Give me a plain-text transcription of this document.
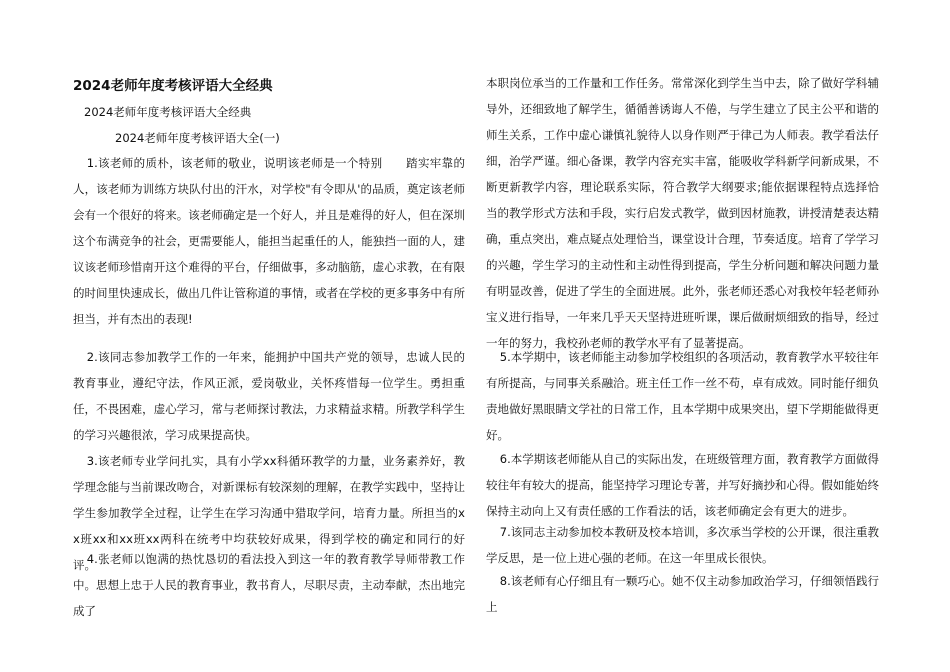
2024老师年度考核评语大全经典
2024老师年度考核评语大全经典
2024老师年度考核评语大全(一)

1.该老师的质朴，该老师的敬业，说明该老师是一个特别　　踏实牢靠的人，该老师为训练方块队付出的汗水，对学校"有令即从'的品质，奠定该老师会有一个很好的将来。该老师确定是一个好人，并且是难得的好人，但在深圳这个布满竞争的社会，更需要能人，能担当起重任的人，能独挡一面的人，建议该老师珍惜南开这个难得的平台，仔细做事，多动脑筋，虚心求教，在有限的时间里快速成长，做出几件让管称道的事情，或者在学校的更多事务中有所担当，并有杰出的表现!

2.该同志参加教学工作的一年来，能拥护中国共产党的领导，忠诚人民的教育事业，遵纪守法，作风正派，爱岗敬业，关怀疼惜每一位学生。勇担重任，不畏困难，虚心学习，常与老师探讨教法，力求精益求精。所教学科学生的学习兴趣很浓，学习成果提高快。

3.该老师专业学问扎实，具有小学xx科循环教学的力量，业务素养好，教学理念能与当前课改吻合，对新课标有较深刻的理解，在教学实践中，坚持让学生参加教学全过程，让学生在学习沟通中猎取学问，培育力量。所担当的xx班xx和xx班xx两科在统考中均获较好成果，得到学校的确定和同行的好评。

4.张老师以饱满的热忱恳切的看法投入到这一年的教育教学导师带教工作中。思想上忠于人民的教育事业，教书育人，尽职尽责，主动奉献，杰出地完成了

本职岗位承当的工作量和工作任务。常常深化到学生当中去，除了做好学科辅导外，还细致地了解学生，循循善诱诲人不倦，与学生建立了民主公平和谐的师生关系，工作中虚心谦慎礼貌待人以身作则严于律己为人师表。教学看法仔细，治学严谨。细心备课，教学内容充实丰富，能吸收学科新学问新成果，不断更新教学内容，理论联系实际，符合教学大纲要求;能依据课程特点选择恰当的教学形式方法和手段，实行启发式教学，做到因材施教，讲授清楚表达精确，重点突出，难点疑点处理恰当，课堂设计合理，节奏适度。培育了学学习的兴趣，学生学习的主动性和主动性得到提高，学生分析问题和解决问题力量有明显改善，促进了学生的全面进展。此外，张老师还悉心对我校年轻老师孙宝义进行指导，一年来几乎天天坚持进班听课，课后做耐烦细致的指导，经过一年的努力，我校孙老师的教学水平有了显著提高。

5.本学期中，该老师能主动参加学校组织的各项活动，教育教学水平较往年有所提高，与同事关系融洽。班主任工作一丝不苟，卓有成效。同时能仔细负责地做好黑眼睛文学社的日常工作，且本学期中成果突出，望下学期能做得更好。

6.本学期该老师能从自己的实际出发，在班级管理方面，教育教学方面做得较往年有较大的提高，能坚持学习理论专著，并写好摘抄和心得。假如能始终保持主动向上又有责任感的工作看法的话，该老师确定会有更大的进步。

7.该同志主动参加校本教研及校本培训，多次承当学校的公开课，很注重教学反思，是一位上进心强的老师。在这一年里成长很快。

8.该老师有心仔细且有一颗巧心。她不仅主动参加政治学习，仔细领悟践行上
